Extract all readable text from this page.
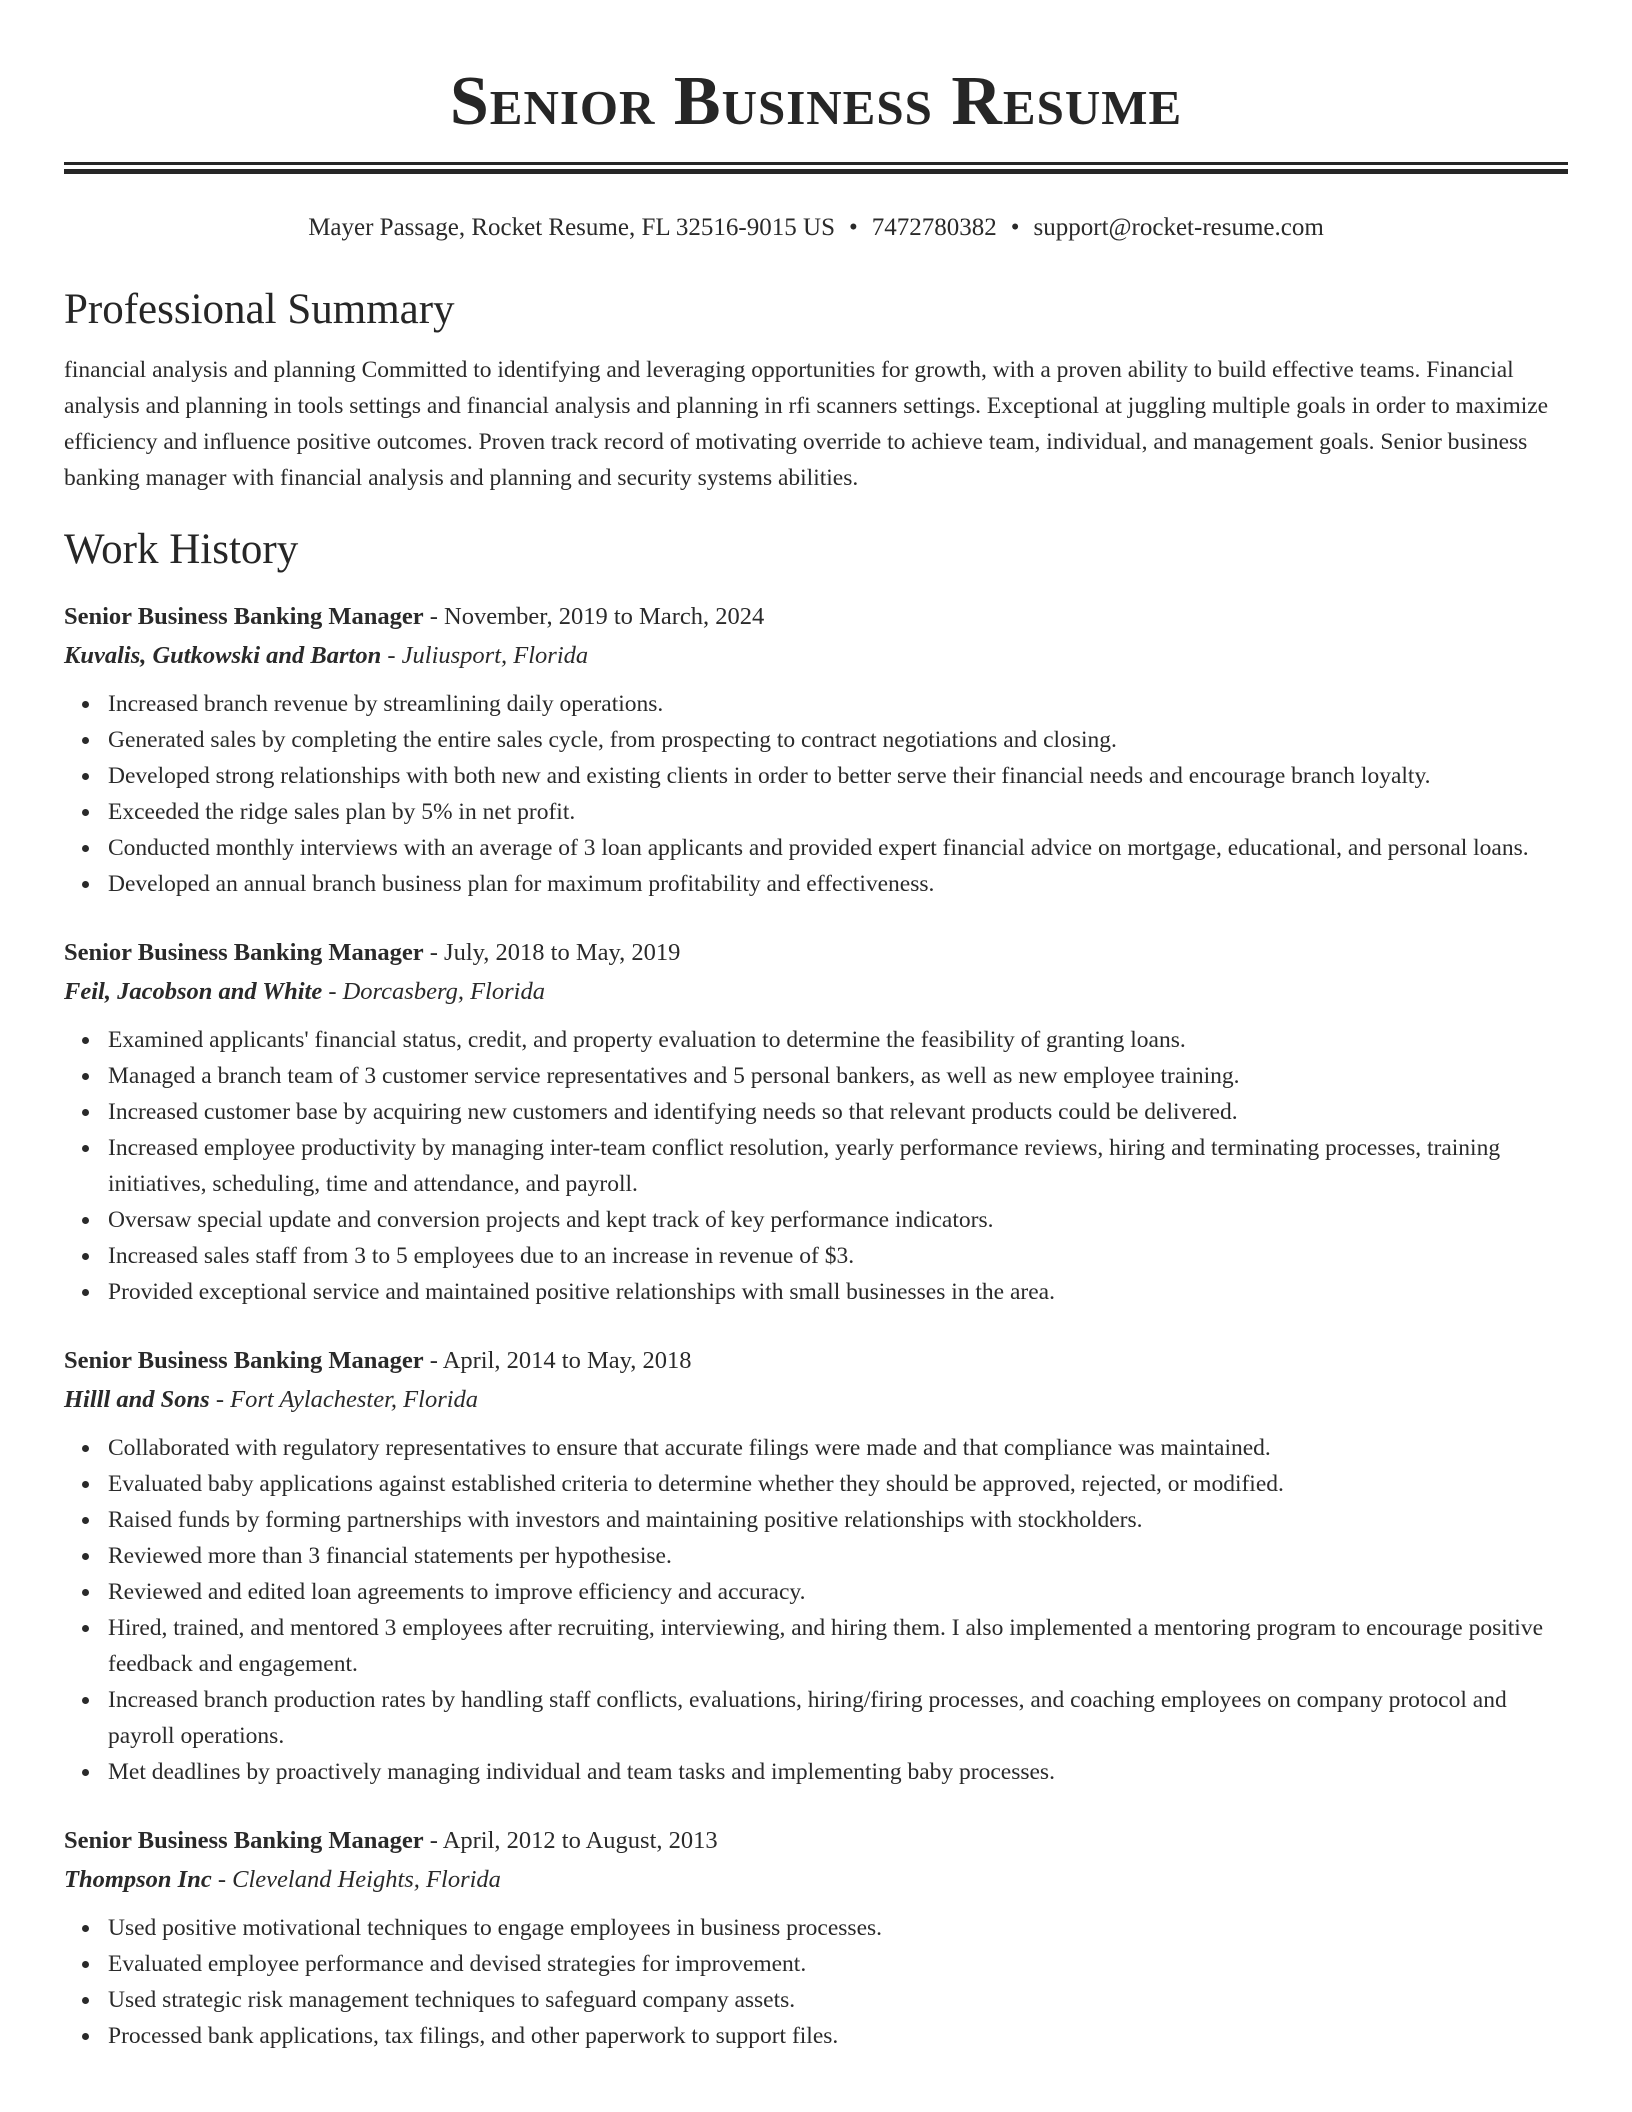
Senior Business Resume
Mayer Passage, Rocket Resume, FL 32516-9015 US • 7472780382 • support@rocket-resume.com
Professional Summary

financial analysis and planning Committed to identifying and leveraging opportunities for growth, with a proven ability to build effective teams. Financial analysis and planning in tools settings and financial analysis and planning in rfi scanners settings. Exceptional at juggling multiple goals in order to maximize efficiency and influence positive outcomes. Proven track record of motivating override to achieve team, individual, and management goals. Senior business banking manager with financial analysis and planning and security systems abilities.

Work History
Senior Business Banking Manager - November, 2019 to March, 2024
Kuvalis, Gutkowski and Barton - Juliusport, Florida
Increased branch revenue by streamlining daily operations.
Generated sales by completing the entire sales cycle, from prospecting to contract negotiations and closing.
Developed strong relationships with both new and existing clients in order to better serve their financial needs and encourage branch loyalty.
Exceeded the ridge sales plan by 5% in net profit.
Conducted monthly interviews with an average of 3 loan applicants and provided expert financial advice on mortgage, educational, and personal loans.
Developed an annual branch business plan for maximum profitability and effectiveness.
Senior Business Banking Manager - July, 2018 to May, 2019
Feil, Jacobson and White - Dorcasberg, Florida
Examined applicants' financial status, credit, and property evaluation to determine the feasibility of granting loans.
Managed a branch team of 3 customer service representatives and 5 personal bankers, as well as new employee training.
Increased customer base by acquiring new customers and identifying needs so that relevant products could be delivered.
Increased employee productivity by managing inter-team conflict resolution, yearly performance reviews, hiring and terminating processes, training initiatives, scheduling, time and attendance, and payroll.
Oversaw special update and conversion projects and kept track of key performance indicators.
Increased sales staff from 3 to 5 employees due to an increase in revenue of $3.
Provided exceptional service and maintained positive relationships with small businesses in the area.
Senior Business Banking Manager - April, 2014 to May, 2018
Hilll and Sons - Fort Aylachester, Florida
Collaborated with regulatory representatives to ensure that accurate filings were made and that compliance was maintained.
Evaluated baby applications against established criteria to determine whether they should be approved, rejected, or modified.
Raised funds by forming partnerships with investors and maintaining positive relationships with stockholders.
Reviewed more than 3 financial statements per hypothesise.
Reviewed and edited loan agreements to improve efficiency and accuracy.
Hired, trained, and mentored 3 employees after recruiting, interviewing, and hiring them. I also implemented a mentoring program to encourage positive feedback and engagement.
Increased branch production rates by handling staff conflicts, evaluations, hiring/firing processes, and coaching employees on company protocol and payroll operations.
Met deadlines by proactively managing individual and team tasks and implementing baby processes.
Senior Business Banking Manager - April, 2012 to August, 2013
Thompson Inc - Cleveland Heights, Florida
Used positive motivational techniques to engage employees in business processes.
Evaluated employee performance and devised strategies for improvement.
Used strategic risk management techniques to safeguard company assets.
Processed bank applications, tax filings, and other paperwork to support files.
